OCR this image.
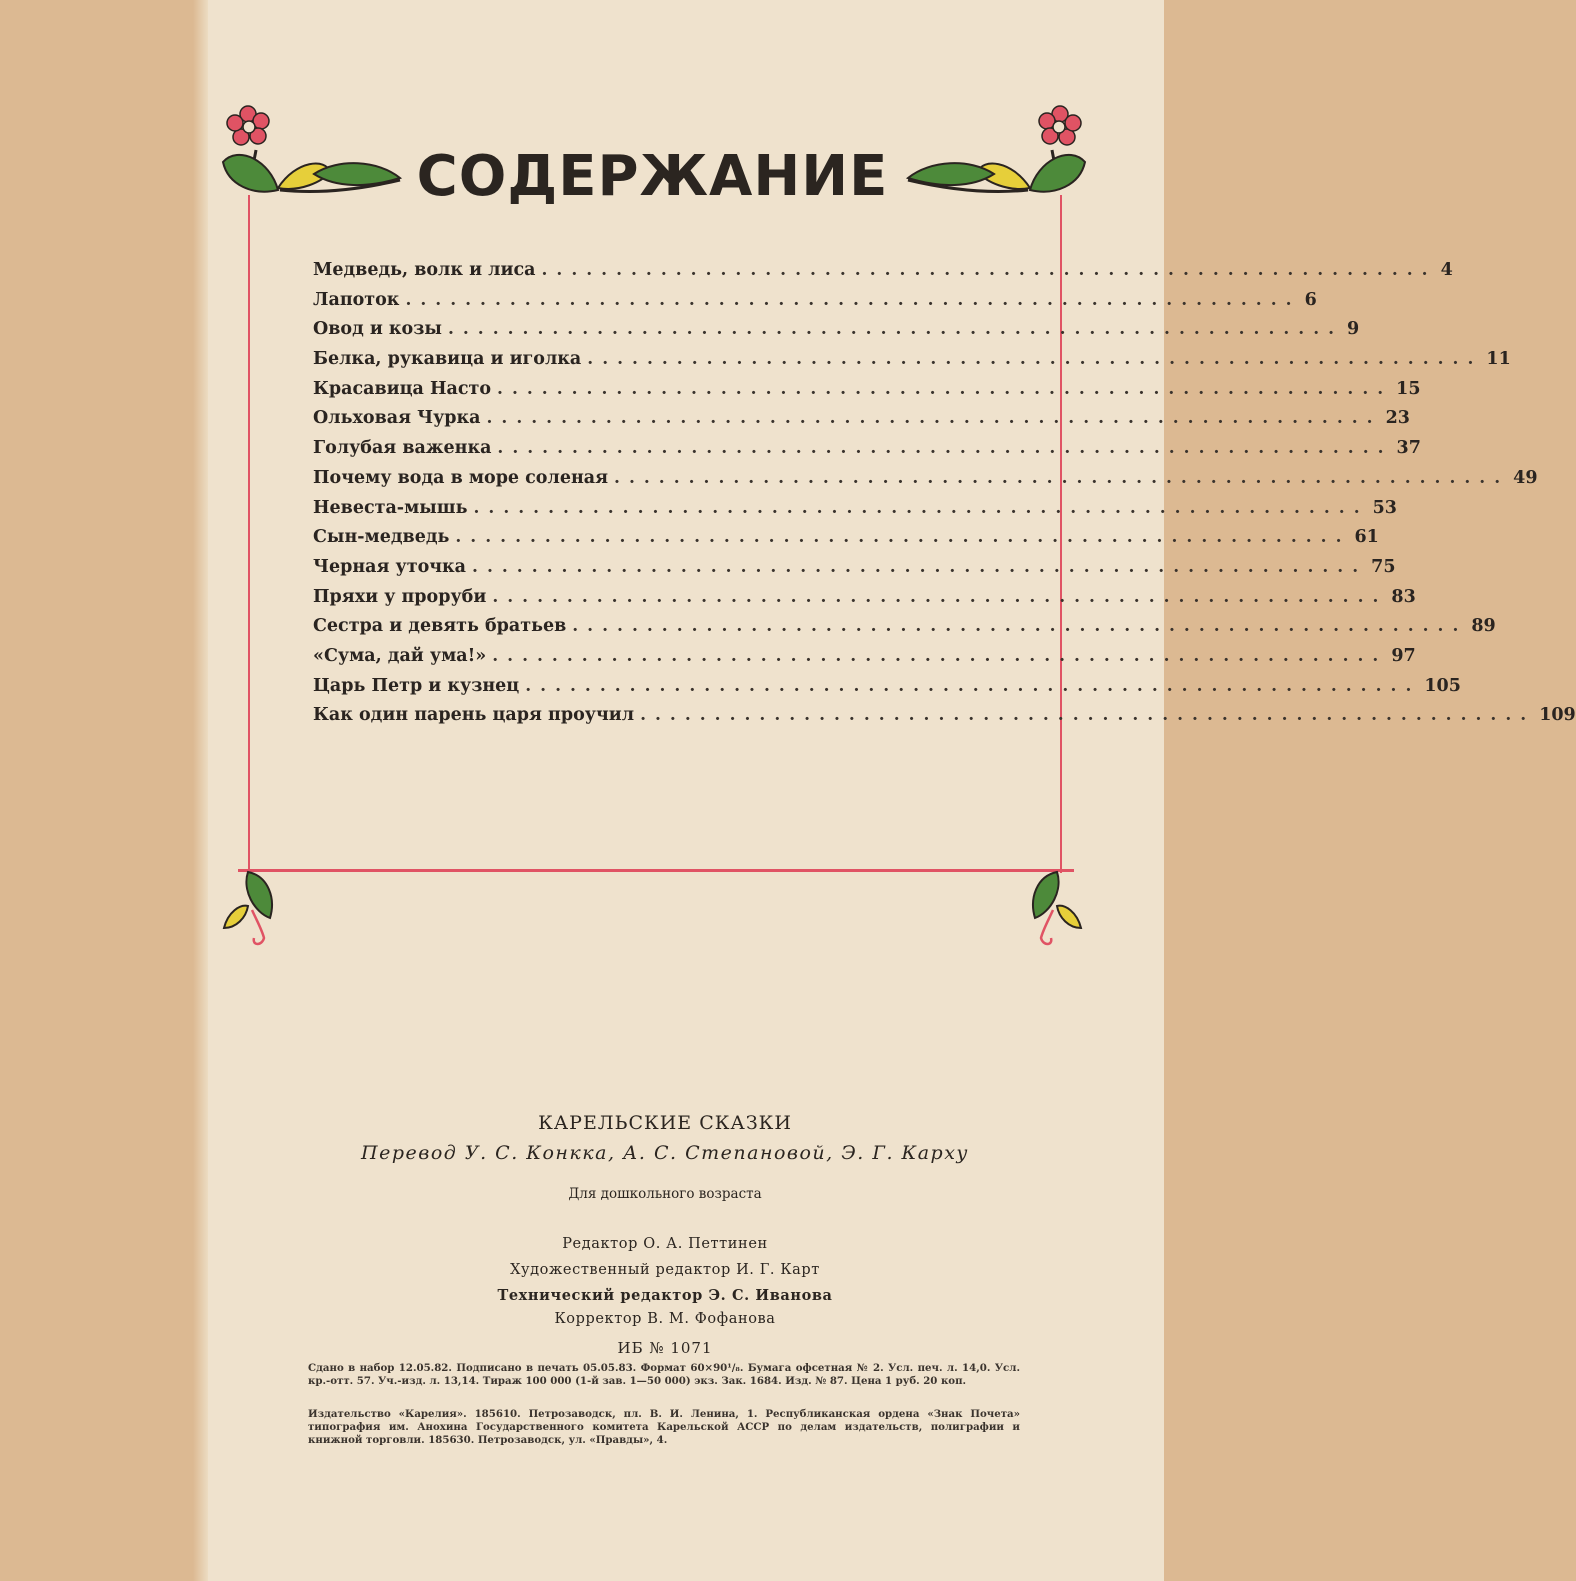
СОДЕРЖАНИЕ
Медведь, волк и лиса ............................................................ 4
Лапоток ............................................................ 6
Овод и козы ............................................................ 9
Белка, рукавица и иголка ............................................................ 11
Красавица Насто ............................................................ 15
Ольховая Чурка ............................................................ 23
Голубая важенка ............................................................ 37
Почему вода в море соленая ............................................................ 49
Невеста-мышь ............................................................ 53
Сын-медведь ............................................................ 61
Черная уточка ............................................................ 75
Пряхи у проруби ............................................................ 83
Сестра и девять братьев ............................................................ 89
«Сума, дай ума!» ............................................................ 97
Царь Петр и кузнец ............................................................ 105
Как один парень царя проучил ............................................................ 109
КАРЕЛЬСКИЕ СКАЗКИ
Перевод У. С. Конкка, А. С. Степановой, Э. Г. Карху
Для дошкольного возраста
Редактор О. А. Петтинен
Художественный редактор И. Г. Карт
Технический редактор Э. С. Иванова
Корректор В. М. Фофанова
ИБ № 1071
Сдано в набор 12.05.82. Подписано в печать 05.05.83. Формат 60×90¹/₈. Бумага офсетная № 2. Усл. печ. л. 14,0. Усл. кр.-отт. 57. Уч.-изд. л. 13,14. Тираж 100 000 (1-й зав. 1—50 000) экз. Зак. 1684. Изд. № 87. Цена 1 руб. 20 коп.
Издательство «Карелия». 185610. Петрозаводск, пл. В. И. Ленина, 1. Республиканская ордена «Знак Почета» типография им. Анохина Государственного комитета Карельской АССР по делам издательств, полиграфии и книжной торговли. 185630. Петрозаводск, ул. «Правды», 4.
